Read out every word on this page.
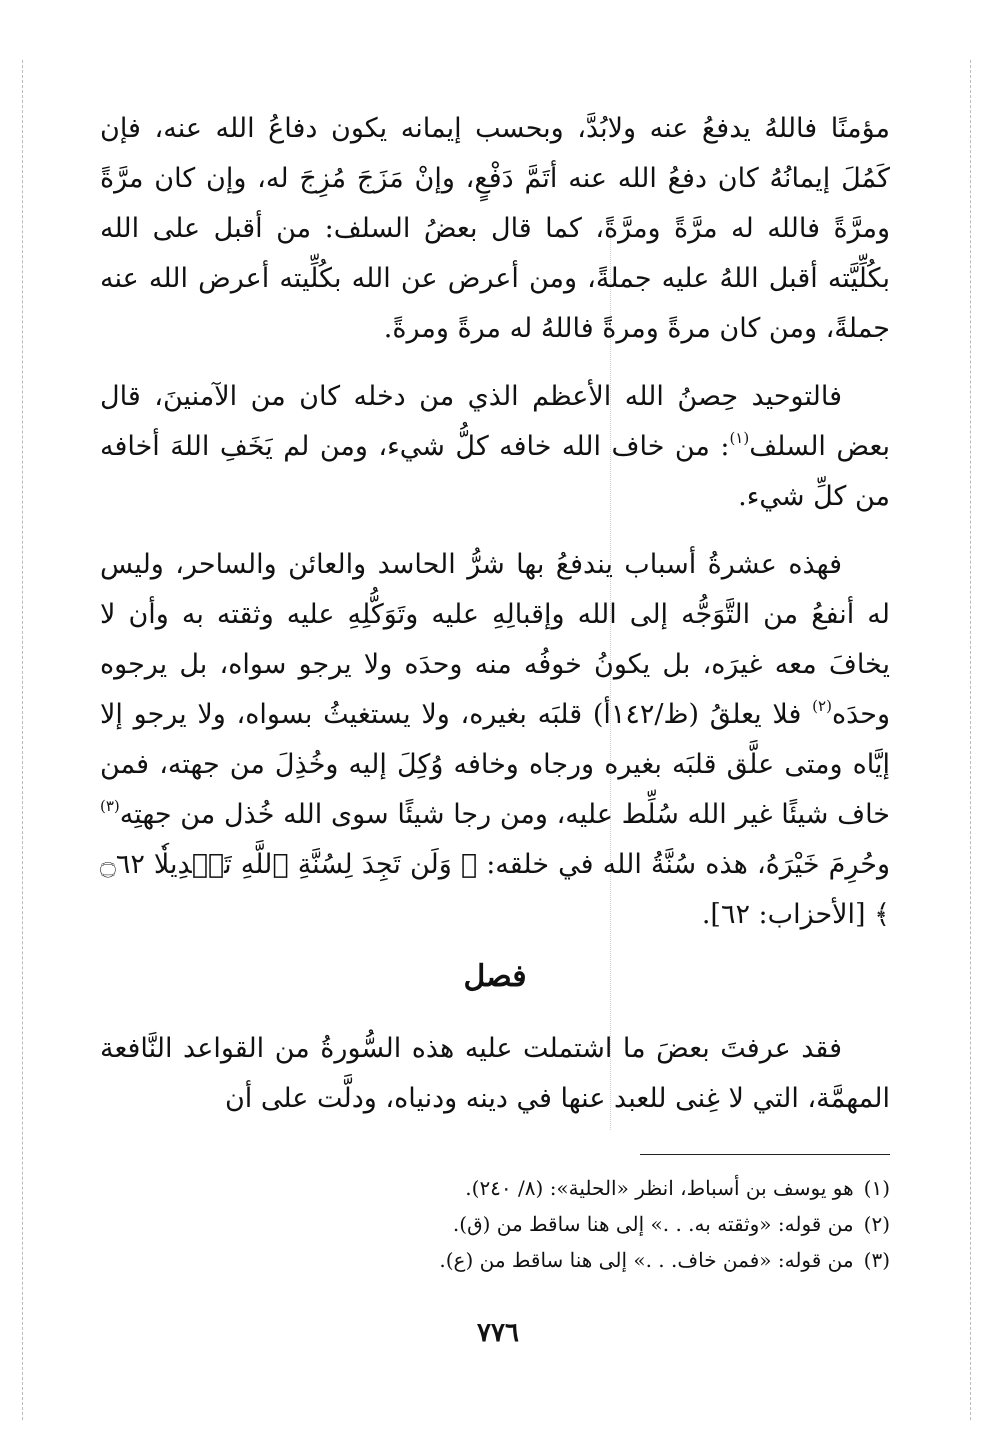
مؤمنًا فاللهُ يدفعُ عنه ولابُدَّ، وبحسب إيمانه يكون دفاعُ الله عنه، فإن كَمُلَ إيمانُهُ كان دفعُ الله عنه أتَمَّ دَفْعٍ، وإنْ مَزَجَ مُزِجَ له، وإن كان مرَّةً ومرَّةً فالله له مرَّةً ومرَّةً، كما قال بعضُ السلف: من أقبل على الله بكُلِّيَّته أقبل اللهُ عليه جملةً، ومن أعرض عن الله بكُلِّيته أعرض الله عنه جملةً، ومن كان مرةً ومرةً فاللهُ له مرةً ومرةً.

فالتوحيد حِصنُ الله الأعظم الذي من دخله كان من الآمنينَ، قال بعض السلف$^{(١)}$: من خاف الله خافه كلُّ شيء، ومن لم يَخَفِ اللهَ أخافه من كلِّ شيء.

فهذه عشرةُ أسباب يندفعُ بها شرُّ الحاسد والعائن والساحر، وليس له أنفعُ من التَّوَجُّه إلى الله وإقبالِهِ عليه وتَوَكُّلِهِ عليه وثقته به وأن لا يخافَ معه غيرَه، بل يكونُ خوفُه منه وحدَه ولا يرجو سواه، بل يرجوه وحدَه$^{(٢)}$ فلا يعلقُ (ظ/١٤٢أ) قلبَه بغيره، ولا يستغيثُ بسواه، ولا يرجو إلا إيَّاه ومتى علَّق قلبَه بغيره ورجاه وخافه وُكِلَ إليه وخُذِلَ من جهته، فمن خاف شيئًا غير الله سُلِّط عليه، ومن رجا شيئًا سوى الله خُذل من جهتِه$^{(٣)}$ وحُرِمَ خَيْرَهُ، هذه سُنَّةُ الله في خلقه: ﴿ وَلَن تَجِدَ لِسُنَّةِ ٱللَّهِ تَبۡدِيلٗا ۝٦٢ ﴾ [الأحزاب: ٦٢].

فصل

فقد عرفتَ بعضَ ما اشتملت عليه هذه السُّورةُ من القواعد النَّافعة المهمَّة، التي لا غِنى للعبد عنها في دينه ودنياه، ودلَّت على أن

(١)هو يوسف بن أسباط، انظر «الحلية»: (٨/ ٢٤٠).

(٢)من قوله: «وثقته به. . .» إلى هنا ساقط من (ق).

(٣)من قوله: «فمن خاف. . .» إلى هنا ساقط من (ع).

٧٧٦
